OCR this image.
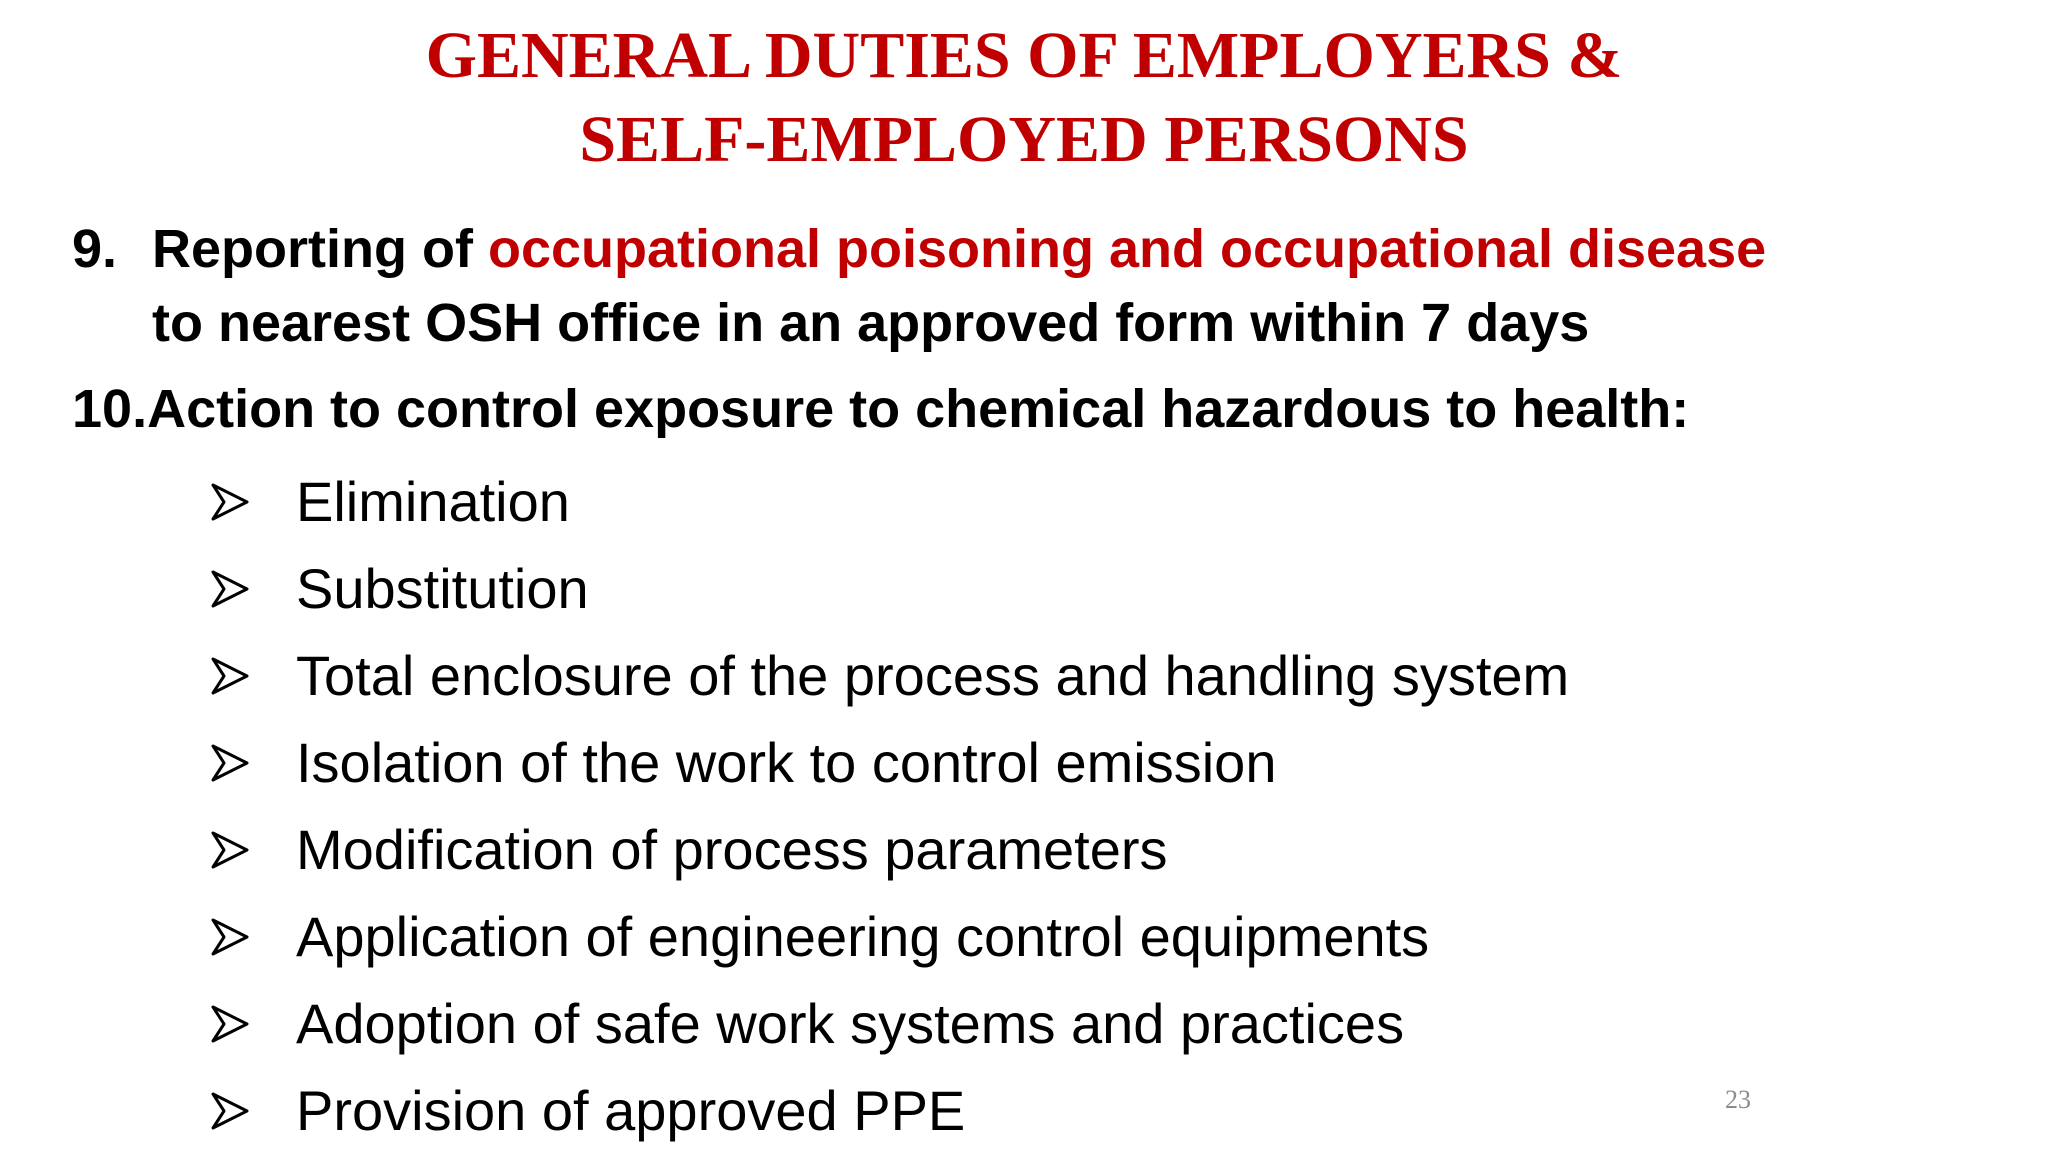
GENERAL DUTIES OF EMPLOYERS &
SELF-EMPLOYED PERSONS
9. Reporting of occupational poisoning and occupational disease
to nearest OSH office in an approved form within 7 days
10.Action to control exposure to chemical hazardous to health:
Elimination
Substitution
Total enclosure of the process and handling system
Isolation of the work to control emission
Modification of process parameters
Application of engineering control equipments
Adoption of safe work systems and practices
Provision of approved PPE	23
